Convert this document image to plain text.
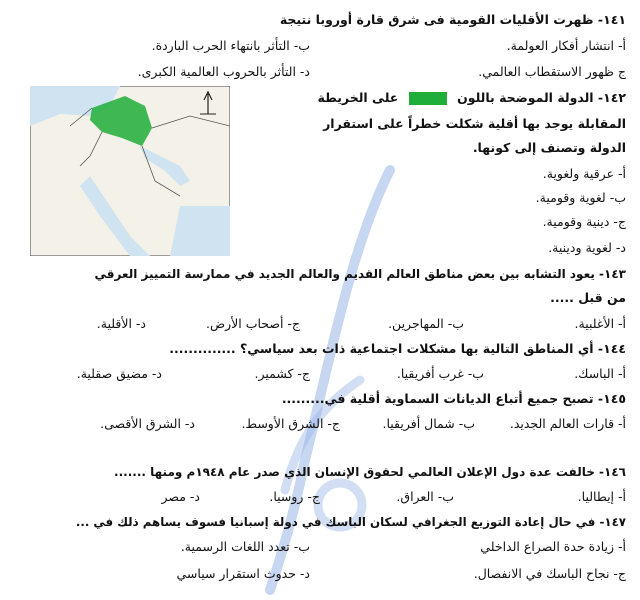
١٤١- ظهرت الأقليات القومية فى شرق قارة أوروبا نتيجة
أ- انتشار أفكار العولمة.
ب- التأثر بانتهاء الحرب الباردة.
ج ظهور الاستقطاب العالمي.
د- التأثر بالحروب العالمية الكبرى.
١٤٢- الدولة الموضحة باللون  على الخريطة
المقابلة يوجد بها أقلية شكلت خطراً على استقرار
الدولة وتصنف إلى كونها.
أ- عرقية ولغوية.
ب- لغوية وقومية.
ج- دينية وقومية.
د- لغوية ودينية.
١٤٣- يعود التشابه بين بعض مناطق العالم القديم والعالم الجديد في ممارسة التمييز العرقي
من قبل .....
أ- الأغلبية.
ب- المهاجرين.
ج- أصحاب الأرض.
د- الأقلية.
١٤٤- أي المناطق التالية بها مشكلات اجتماعية ذات بعد سياسي؟ ..............
أ- الباسك.
ب- غرب أفريقيا.
ج- كشمير.
د- مضيق صقلية.
١٤٥- تصبح جميع أتباع الديانات السماوية أقلية في.........
أ- قارات العالم الجديد.
ب- شمال أفريقيا.
ج- الشرق الأوسط.
د- الشرق الأقصى.
١٤٦- خالفت عدة دول الإعلان العالمي لحقوق الإنسان الذي صدر عام ١٩٤٨م ومنها .......
أ- إيطاليا.
ب- العراق.
ج- روسيا.
د- مصر
١٤٧- في حال إعادة التوزيع الجغرافي لسكان الباسك في دولة إسبانيا فسوف يساهم ذلك في ...
أ- زيادة حدة الصراع الداخلي
ب- تعدد اللغات الرسمية.
ج- نجاح الباسك في الانفصال.
د- حدوث استقرار سياسي
